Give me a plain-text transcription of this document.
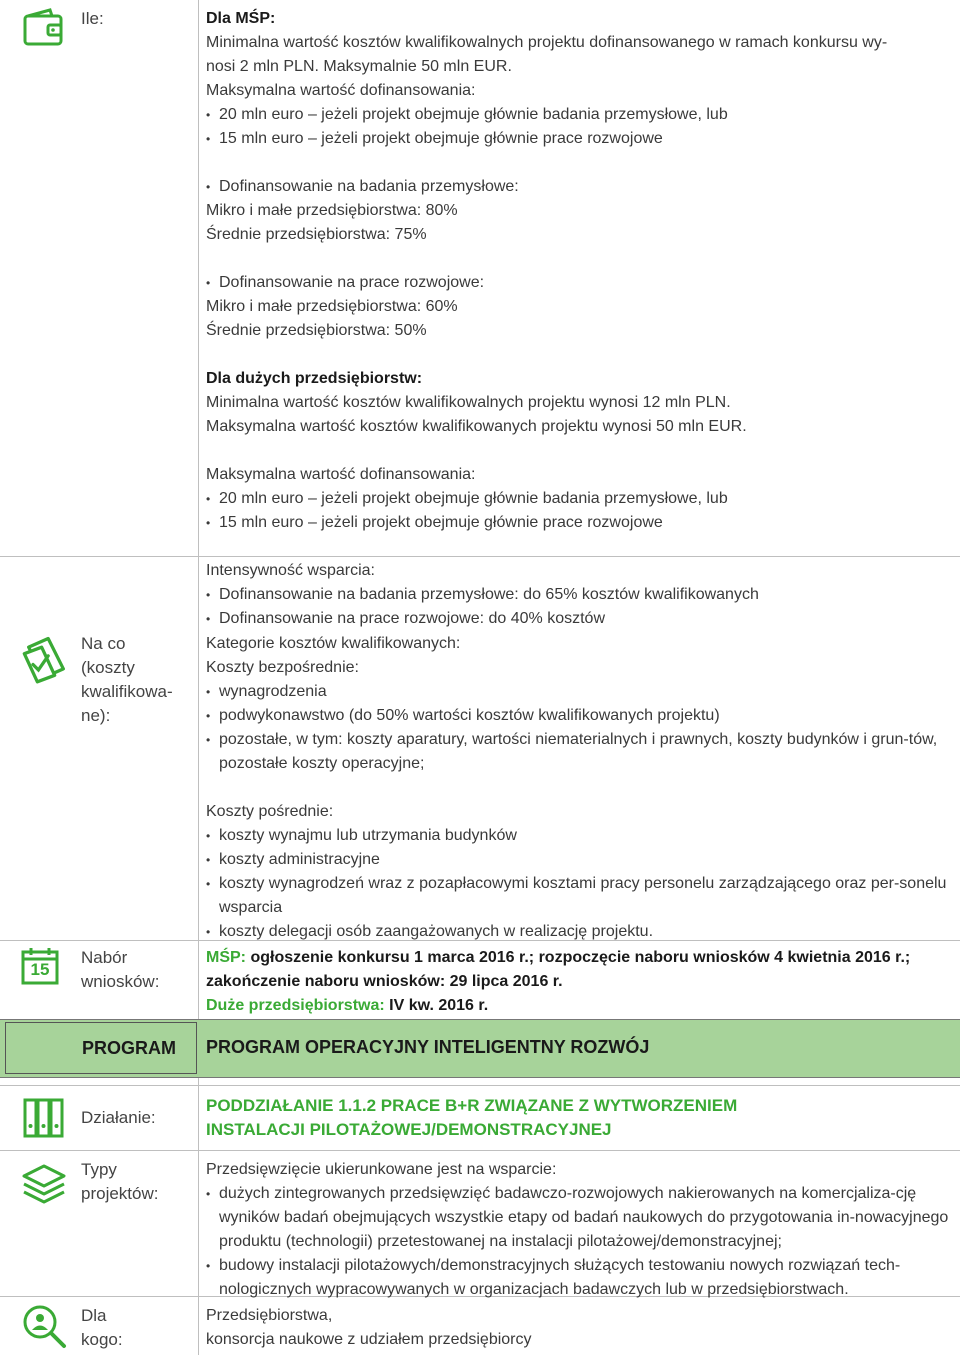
Ile:	Dla MŚP:

Minimalna wartość kosztów kwalifikowalnych projektu dofinansowanego w ramach konkursu wy-

nosi 2 mln PLN. Maksymalnie 50 mln EUR.

Maksymalna wartość dofinansowania:

• 20 mln euro – jeżeli projekt obejmuje głównie badania przemysłowe, lub
• 15 mln euro – jeżeli projekt obejmuje głównie prace rozwojowe
• Dofinansowanie na badania przemysłowe:

Mikro i małe przedsiębiorstwa: 80%

Średnie przedsiębiorstwa: 75%

• Dofinansowanie na prace rozwojowe:

Mikro i małe przedsiębiorstwa: 60%

Średnie przedsiębiorstwa: 50%

Dla dużych przedsiębiorstw:

Minimalna wartość kosztów kwalifikowalnych projektu wynosi 12 mln PLN.

Maksymalna wartość kosztów kwalifikowanych projektu wynosi 50 mln EUR.

Maksymalna wartość dofinansowania:

• 20 mln euro – jeżeli projekt obejmuje głównie badania przemysłowe, lub
• 15 mln euro – jeżeli projekt obejmuje głównie prace rozwojowe

Intensywność wsparcia:

• Dofinansowanie na badania przemysłowe: do 65% kosztów kwalifikowanych
• Dofinansowanie na prace rozwojowe: do 40% kosztów
Na co
(koszty
kwalifikowa-
ne):

Kategorie kosztów kwalifikowanych:

Koszty bezpośrednie:

• wynagrodzenia
• podwykonawstwo (do 50% wartości kosztów kwalifikowanych projektu)
• pozostałe, w tym: koszty aparatury, wartości niematerialnych i prawnych, koszty budynków i grun-tów, pozostałe koszty operacyjne;

Koszty pośrednie:

• koszty wynajmu lub utrzymania budynków
• koszty administracyjne
• koszty wynagrodzeń wraz z pozapłacowymi kosztami pracy personelu zarządzającego oraz per-sonelu wsparcia
• koszty delegacji osób zaangażowanych w realizację projektu.
15
Nabór
wniosków:

MŚP: ogłoszenie konkursu 1 marca 2016 r.; rozpoczęcie naboru wniosków 4 kwietnia 2016 r.; zakończenie naboru wniosków: 29 lipca 2016 r.

Duże przedsiębiorstwa: IV kw. 2016 r.

PROGRAM PROGRAM OPERACYJNY INTELIGENTNY ROZWÓJ
Działanie:

PODDZIAŁANIE 1.1.2 PRACE B+R ZWIĄZANE Z WYTWORZENIEM

INSTALACJI PILOTAŻOWEJ/DEMONSTRACYJNEJ

Typy
projektów:

Przedsięwzięcie ukierunkowane jest na wsparcie:

• dużych zintegrowanych przedsięwzięć badawczo-rozwojowych nakierowanych na komercjaliza-cję wyników badań obejmujących wszystkie etapy od badań naukowych do przygotowania in-nowacyjnego produktu (technologii) przetestowanej na instalacji pilotażowej/demonstracyjnej;
• budowy instalacji pilotażowych/demonstracyjnych służących testowaniu nowych rozwiązań tech-nologicznych wypracowywanych w organizacjach badawczych lub w przedsiębiorstwach.
Dla
kogo:

Przedsiębiorstwa,

konsorcja naukowe z udziałem przedsiębiorcy
